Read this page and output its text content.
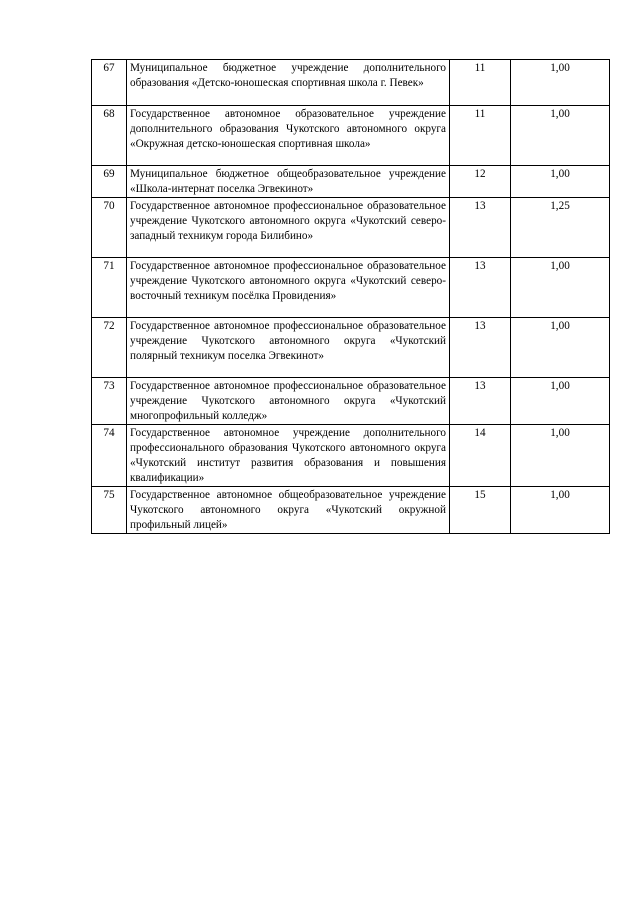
67	Муниципальное бюджетное учреждение дополнительного образования «Детско-юношеская спортивная школа г. Певек»	11	1,00
68	Государственное автономное образовательное учреждение дополнительного образования Чукотского автономного округа «Окружная детско-юношеская спортивная школа»	11	1,00
69	Муниципальное бюджетное общеобразовательное учреждение «Школа-интернат поселка Эгвекинот»	12	1,00
70	Государственное автономное профессиональное образовательное учреждение Чукотского автономного округа «Чукотский северо-западный техникум города Билибино»	13	1,25
71	Государственное автономное профессиональное образовательное учреждение Чукотского автономного округа «Чукотский северо-восточный техникум посёлка Провидения»	13	1,00
72	Государственное автономное профессиональное образовательное учреждение Чукотского автономного округа «Чукотский полярный техникум поселка Эгвекинот»	13	1,00
73	Государственное автономное профессиональное образовательное учреждение Чукотского автономного округа «Чукотский многопрофильный колледж»	13	1,00
74	Государственное автономное учреждение дополнительного профессионального образования Чукотского автономного округа «Чукотский институт развития образования и повышения квалификации»	14	1,00
75	Государственное автономное общеобразовательное учреждение Чукотского автономного округа «Чукотский окружной профильный лицей»	15	1,00
